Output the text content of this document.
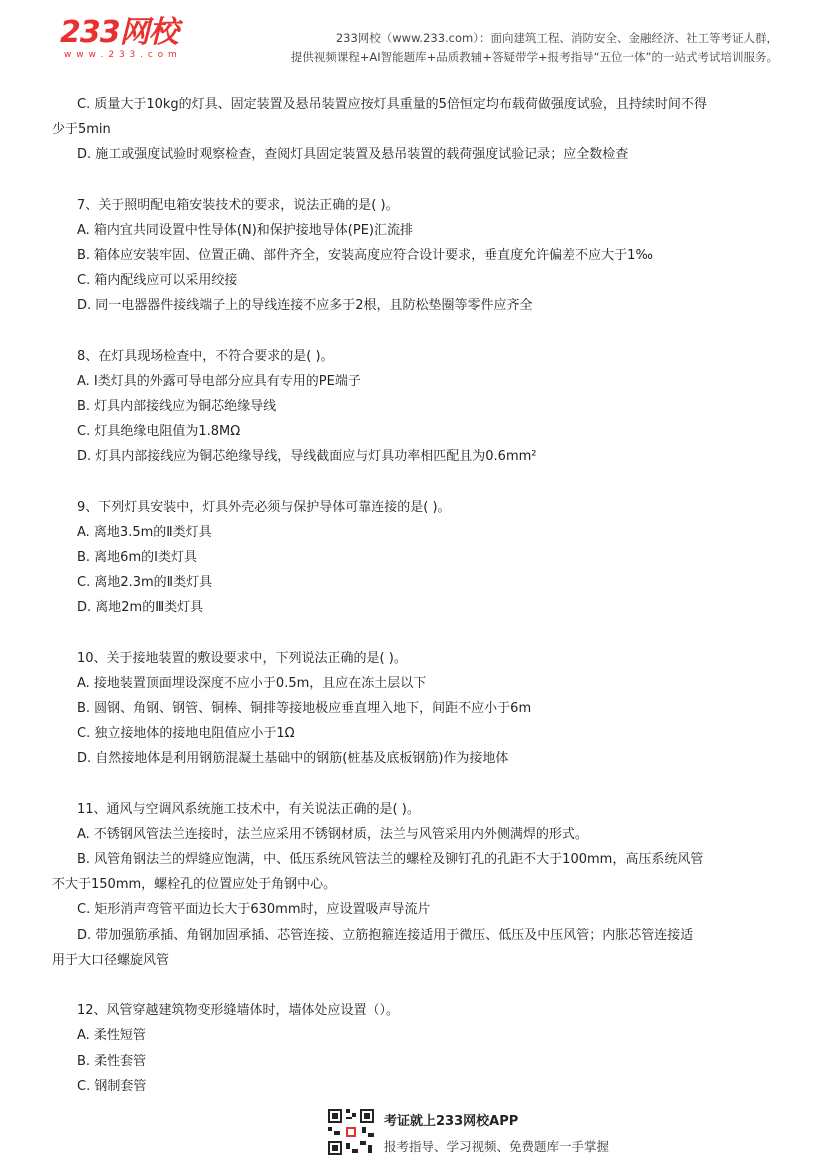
233网校
w w w . 2 3 3 . c o m
233网校（www.233.com）：面向建筑工程、消防安全、金融经济、社工等考证人群，
提供视频课程+AI智能题库+品质教辅+答疑带学+报考指导“五位一体”的一站式考试培训服务。
C. 质量大于10kg的灯具、固定装置及悬吊装置应按灯具重量的5倍恒定均布载荷做强度试验，且持续时间不得
少于5min
D. 施工或强度试验时观察检查，查阅灯具固定装置及悬吊装置的载荷强度试验记录；应全数检查
7、关于照明配电箱安装技术的要求，说法正确的是( )。
A. 箱内宜共同设置中性导体(N)和保护接地导体(PE)汇流排
B. 箱体应安装牢固、位置正确、部件齐全，安装高度应符合设计要求，垂直度允许偏差不应大于1‰
C. 箱内配线应可以采用绞接
D. 同一电器器件接线端子上的导线连接不应多于2根，且防松垫圈等零件应齐全
8、在灯具现场检查中，不符合要求的是( )。
A. Ⅰ类灯具的外露可导电部分应具有专用的PE端子
B. 灯具内部接线应为铜芯绝缘导线
C. 灯具绝缘电阻值为1.8MΩ
D. 灯具内部接线应为铜芯绝缘导线，导线截面应与灯具功率相匹配且为0.6mm²
9、下列灯具安装中，灯具外壳必须与保护导体可靠连接的是( )。
A. 离地3.5m的Ⅱ类灯具
B. 离地6m的Ⅰ类灯具
C. 离地2.3m的Ⅱ类灯具
D. 离地2m的Ⅲ类灯具
10、关于接地装置的敷设要求中，下列说法正确的是( )。
A. 接地装置顶面埋设深度不应小于0.5m，且应在冻土层以下
B. 圆钢、角钢、钢管、铜棒、铜排等接地极应垂直埋入地下，间距不应小于6m
C. 独立接地体的接地电阻值应小于1Ω
D. 自然接地体是利用钢筋混凝土基础中的钢筋(桩基及底板钢筋)作为接地体
11、通风与空调风系统施工技术中，有关说法正确的是( )。
A. 不锈钢风管法兰连接时，法兰应采用不锈钢材质，法兰与风管采用内外侧满焊的形式。
B. 风管角钢法兰的焊缝应饱满，中、低压系统风管法兰的螺栓及铆钉孔的孔距不大于100mm，高压系统风管
不大于150mm，螺栓孔的位置应处于角钢中心。
C. 矩形消声弯管平面边长大于630mm时，应设置吸声导流片
D. 带加强筋承插、角钢加固承插、芯管连接、立筋抱箍连接适用于微压、低压及中压风管；内胀芯管连接适
用于大口径螺旋风管
12、风管穿越建筑物变形缝墙体时，墙体处应设置（）。
A. 柔性短管
B. 柔性套管
C. 钢制套管
考证就上233网校APP
报考指导、学习视频、免费题库一手掌握
